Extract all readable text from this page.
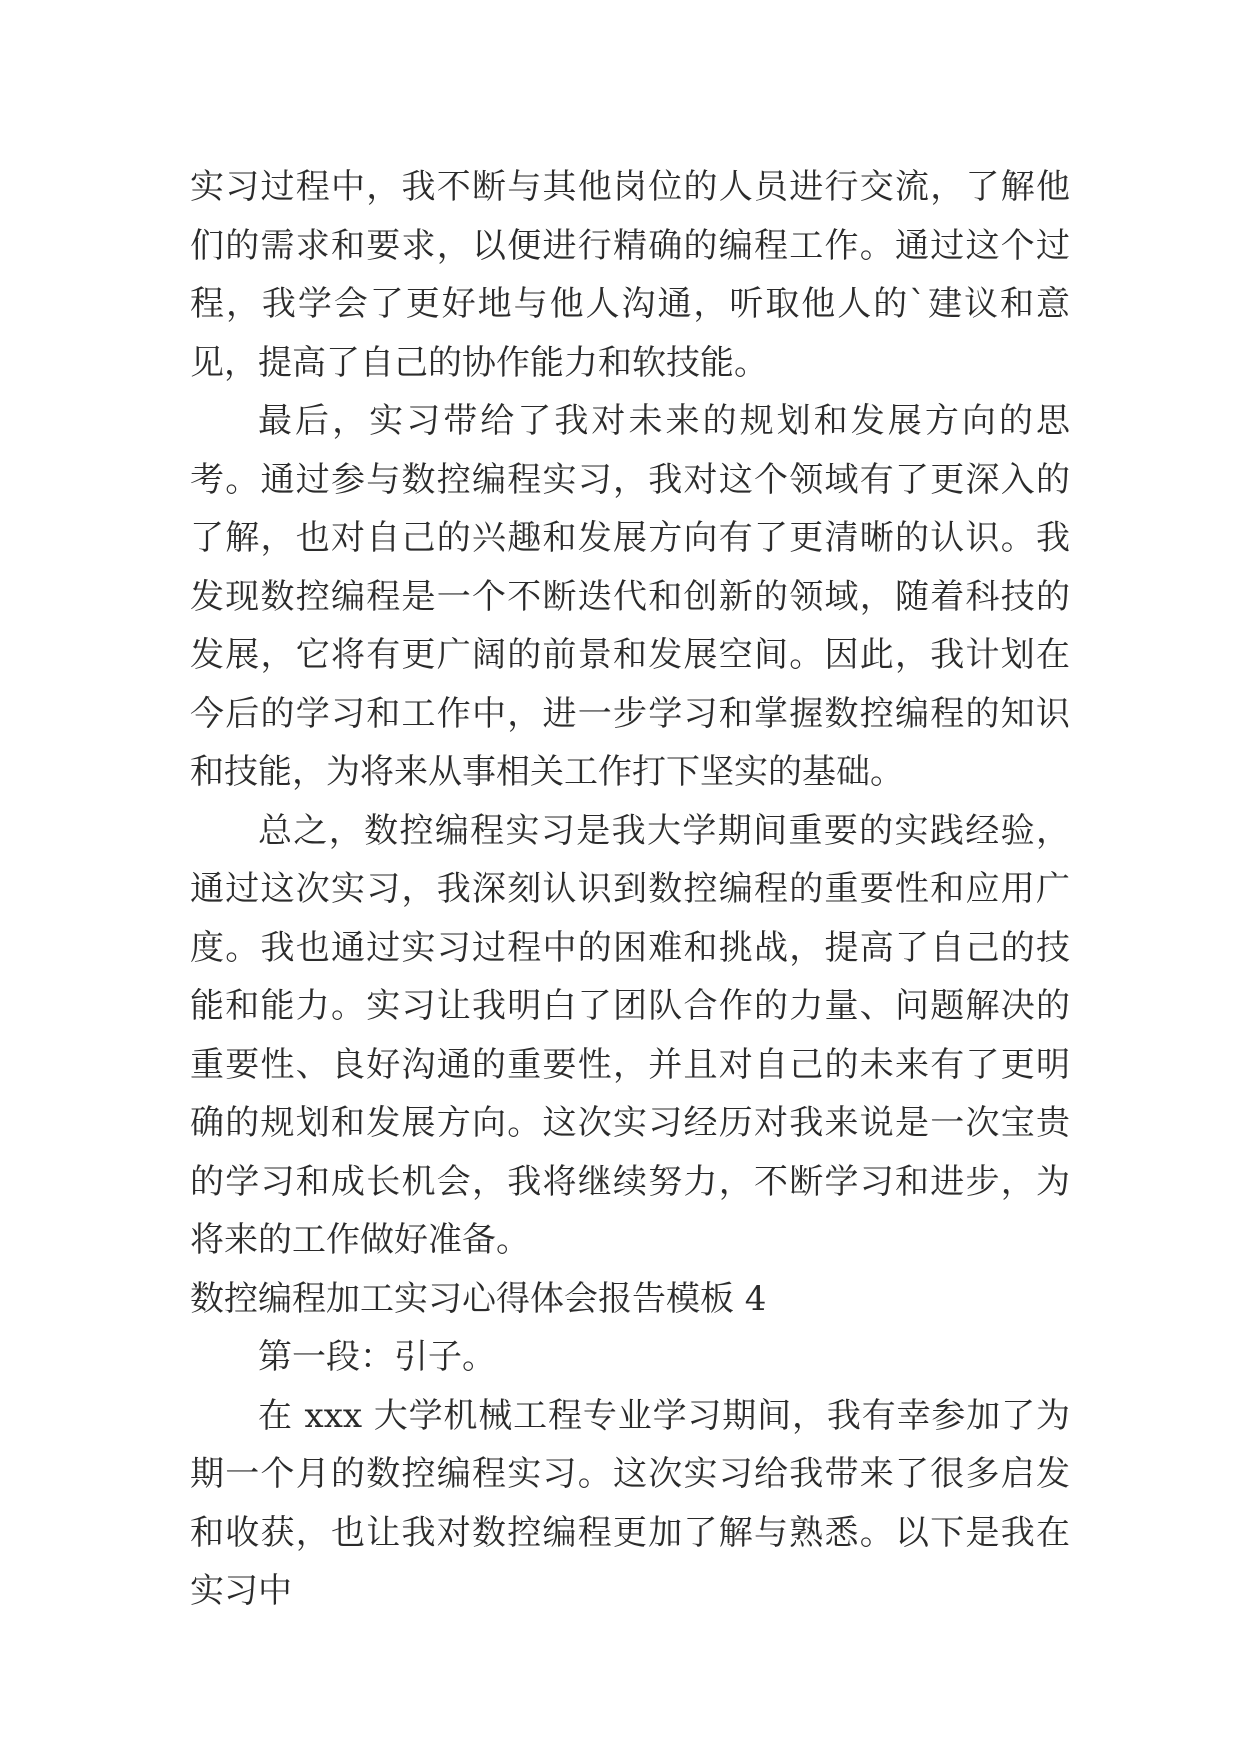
实习过程中，我不断与其他岗位的人员进行交流，了解他们的需求和要求，以便进行精确的编程工作。通过这个过程，我学会了更好地与他人沟通，听取他人的`建议和意见，提高了自己的协作能力和软技能。

最后，实习带给了我对未来的规划和发展方向的思考。通过参与数控编程实习，我对这个领域有了更深入的了解，也对自己的兴趣和发展方向有了更清晰的认识。我发现数控编程是一个不断迭代和创新的领域，随着科技的发展，它将有更广阔的前景和发展空间。因此，我计划在今后的学习和工作中，进一步学习和掌握数控编程的知识和技能，为将来从事相关工作打下坚实的基础。

总之，数控编程实习是我大学期间重要的实践经验，通过这次实习，我深刻认识到数控编程的重要性和应用广度。我也通过实习过程中的困难和挑战，提高了自己的技能和能力。实习让我明白了团队合作的力量、问题解决的重要性、良好沟通的重要性，并且对自己的未来有了更明确的规划和发展方向。这次实习经历对我来说是一次宝贵的学习和成长机会，我将继续努力，不断学习和进步，为将来的工作做好准备。

数控编程加工实习心得体会报告模板 4

第一段：引子。

在 xxx 大学机械工程专业学习期间，我有幸参加了为期一个月的数控编程实习。这次实习给我带来了很多启发和收获，也让我对数控编程更加了解与熟悉。以下是我在实习中
